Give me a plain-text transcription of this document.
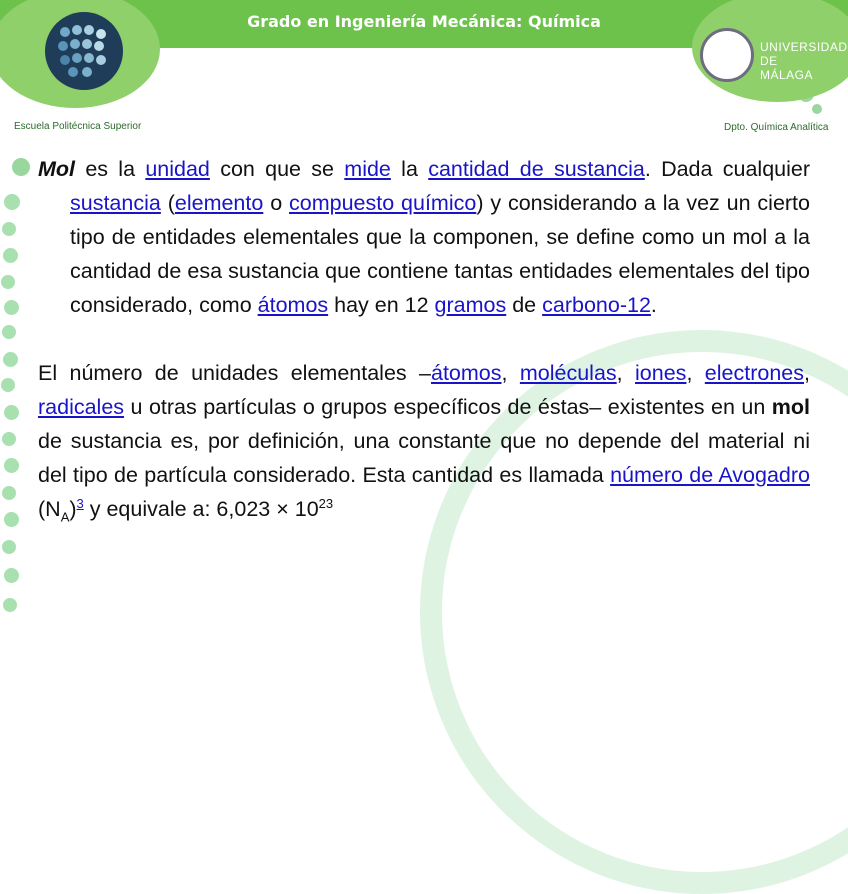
Grado en Ingeniería Mecánica: Química
Escuela Politécnica Superior
UNIVERSIDAD DE MÁLAGA
Dpto. Química Analítica

Mol es la unidad con que se mide la cantidad de sustancia. Dada cualquier sustancia (elemento o compuesto químico) y considerando a la vez un cierto tipo de entidades elementales que la componen, se define como un mol a la cantidad de esa sustancia que contiene tantas entidades elementales del tipo considerado, como átomos hay en 12 gramos de carbono-12.

El número de unidades elementales –átomos, moléculas, iones, electrones, radicales u otras partículas o grupos específicos de éstas– existentes en un mol de sustancia es, por definición, una constante que no depende del material ni del tipo de partícula considerado. Esta cantidad es llamada número de Avogadro $(N_A)^3$ y equivale a: $6,023 \times 10^{23}$
